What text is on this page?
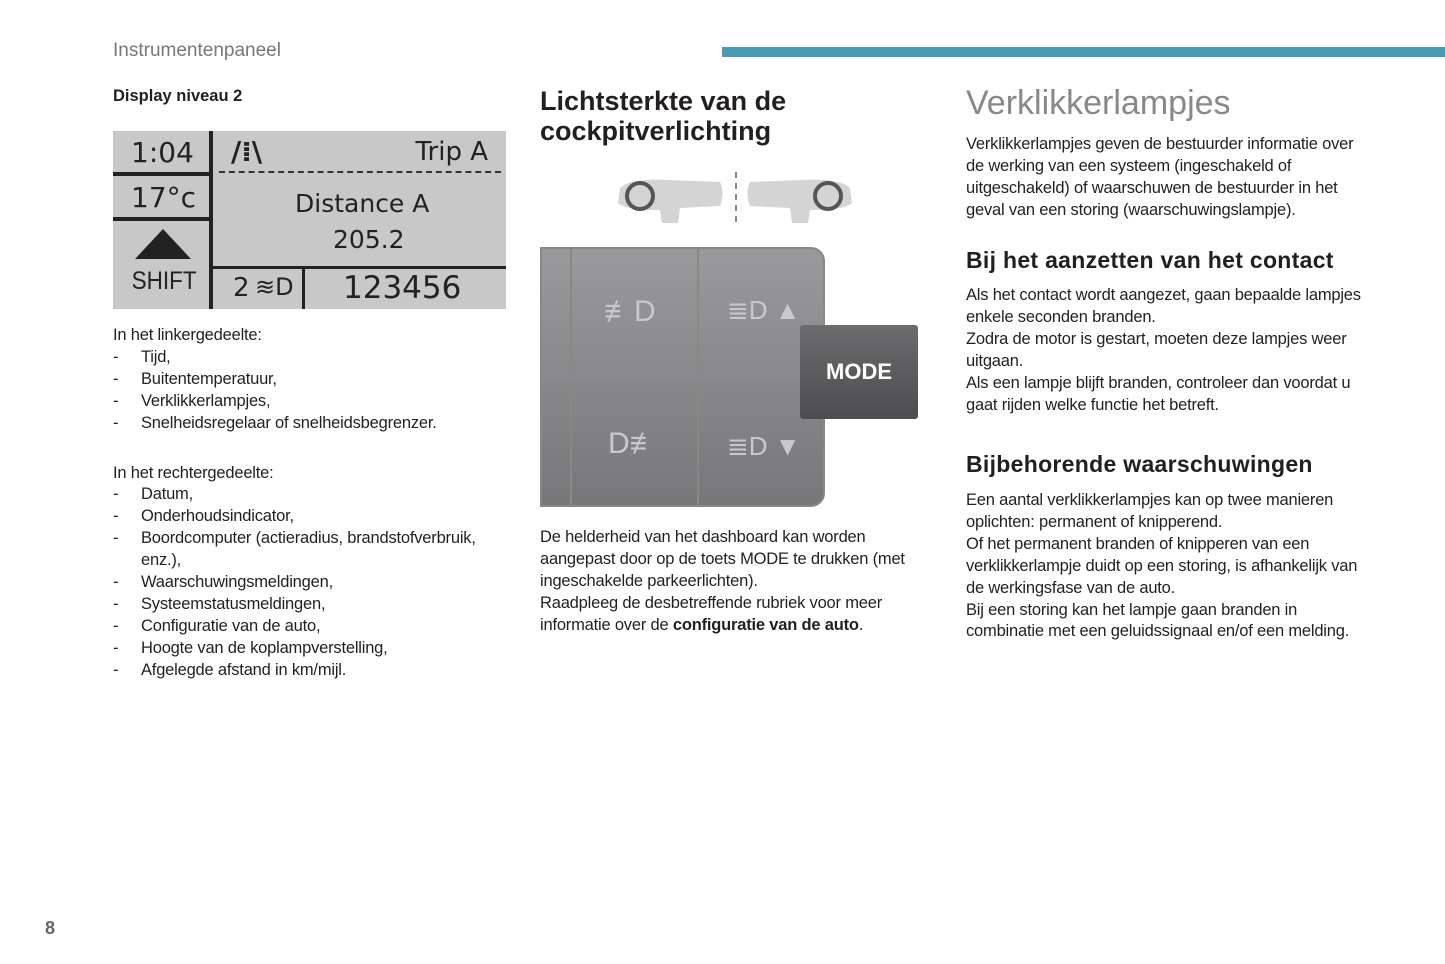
Instrumentenpaneel
Display niveau 2
1:04
17°c
SHIFT
/⁞\	Trip A
Distance A
205.2
2 ≋D 123456
In het linkergedeelte:
- Tijd,
- Buitentemperatuur,
- Verklikkerlampjes,
- Snelheidsregelaar of snelheidsbegrenzer.
In het rechtergedeelte:
- Datum,
- Onderhoudsindicator,
- Boordcomputer (actieradius, brandstofverbruik, enz.),
- Waarschuwingsmeldingen,
- Systeemstatusmeldingen,
- Configuratie van de auto,
- Hoogte van de koplampverstelling,
- Afgelegde afstand in km/mijl.
Lichtsterkte van de cockpitverlichting
≢D	≣D ▲
D≢	≣D ▼
MODE
De helderheid van het dashboard kan worden aangepast door op de toets MODE te drukken (met ingeschakelde parkeerlichten).
Raadpleeg de desbetreffende rubriek voor meer informatie over de configuratie van de auto.
Verklikkerlampjes
Verklikkerlampjes geven de bestuurder informatie over de werking van een systeem (ingeschakeld of uitgeschakeld) of waarschuwen de bestuurder in het geval van een storing (waarschuwingslampje).
Bij het aanzetten van het contact
Als het contact wordt aangezet, gaan bepaalde lampjes enkele seconden branden.
Zodra de motor is gestart, moeten deze lampjes weer uitgaan.
Als een lampje blijft branden, controleer dan voordat u gaat rijden welke functie het betreft.
Bijbehorende waarschuwingen
Een aantal verklikkerlampjes kan op twee manieren oplichten: permanent of knipperend.
Of het permanent branden of knipperen van een verklikkerlampje duidt op een storing, is afhankelijk van de werkingsfase van de auto.
Bij een storing kan het lampje gaan branden in combinatie met een geluidssignaal en/of een melding.
8
